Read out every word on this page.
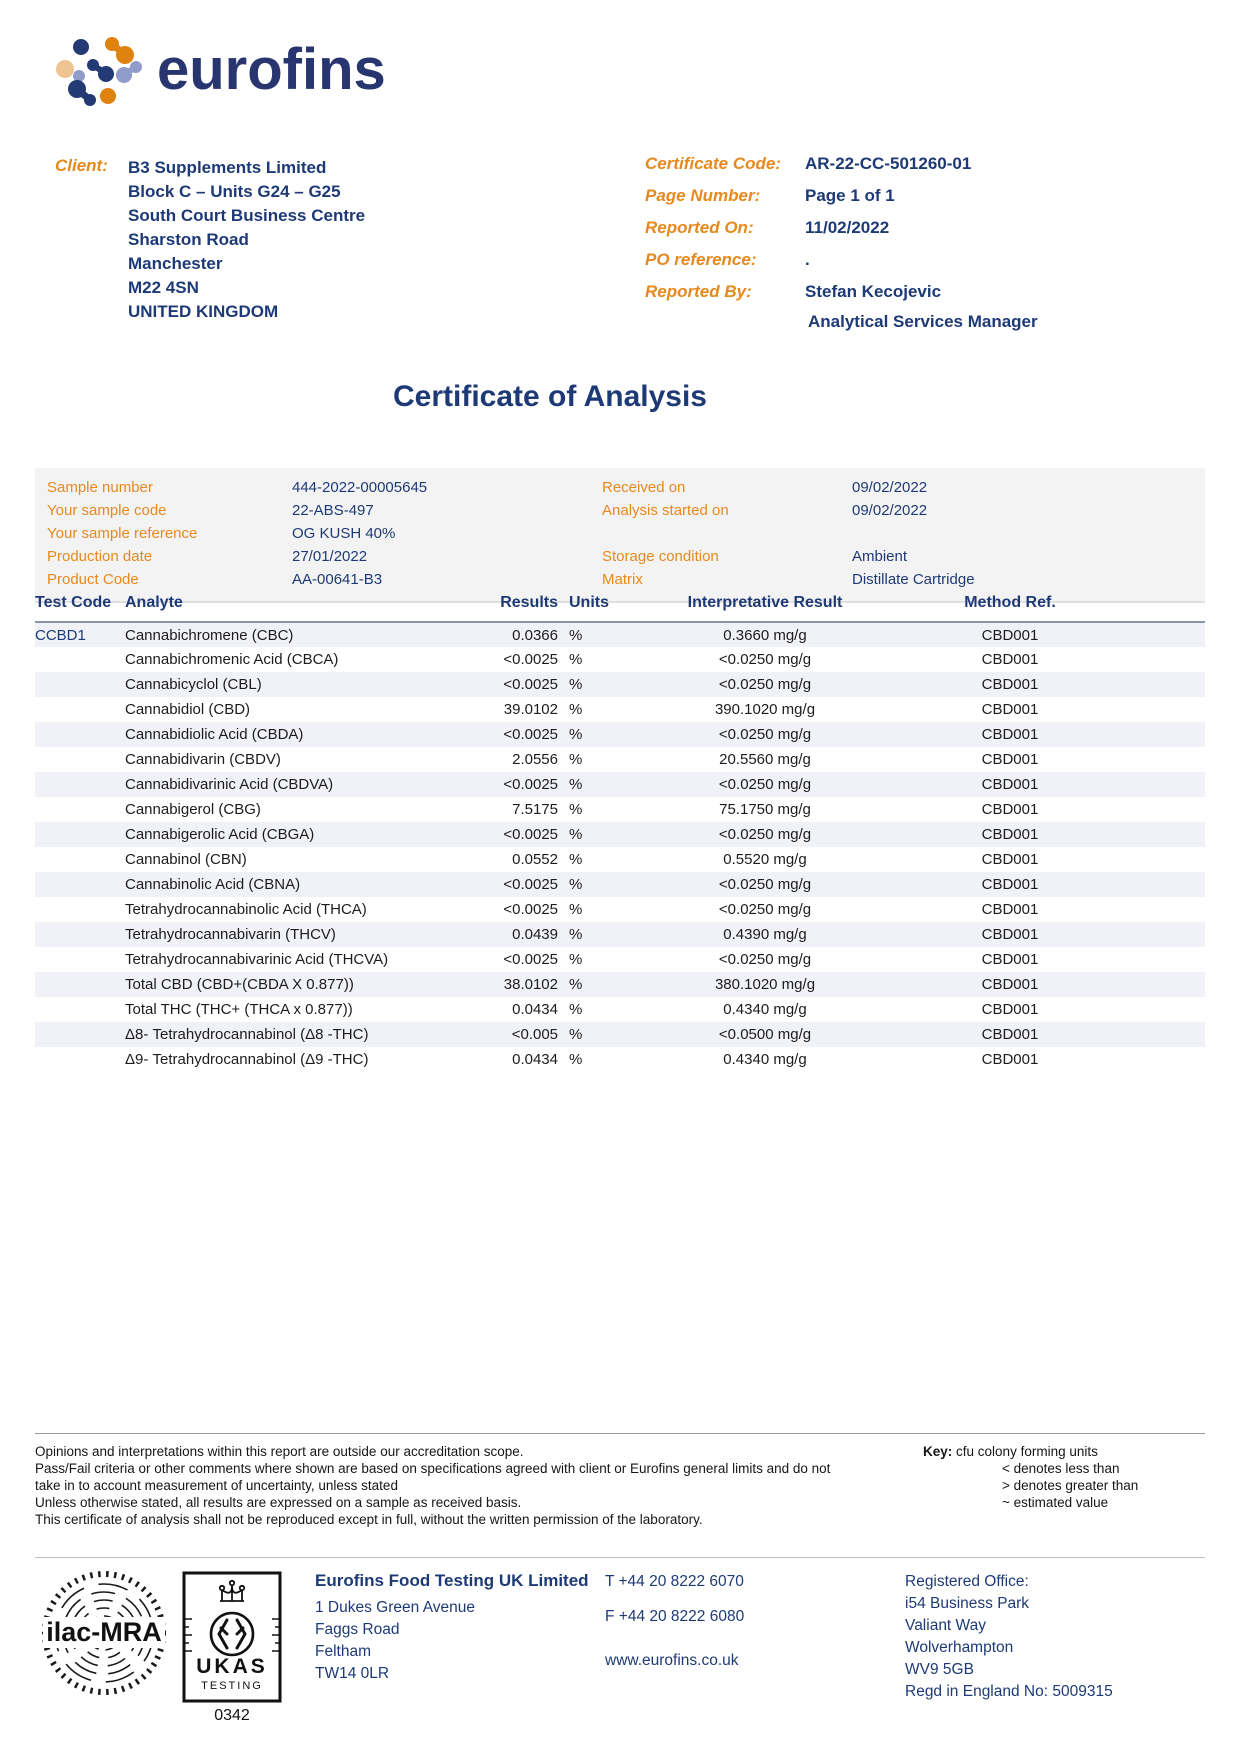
eurofins
Client:	B3 Supplements Limited
Block C – Units G24 – G25
South Court Business Centre
Sharston Road
Manchester
M22 4SN
UNITED KINGDOM
Certificate Code:	AR-22-CC-501260-01
Page Number:	Page 1 of 1
Reported On:	11/02/2022
PO reference:	.
Reported By:	Stefan Kecojevic
Analytical Services Manager
Certificate of Analysis
Sample number	444-2022-00005645	Received on	09/02/2022
Your sample code	22-ABS-497	Analysis started on	09/02/2022
Your sample reference	OG KUSH 40%
Production date	27/01/2022	Storage condition	Ambient
Product Code	AA-00641-B3	Matrix	Distillate Cartridge
Test Code	Analyte	Results	Units	Interpretative Result	Method Ref.	
CCBD1	Cannabichromene (CBC)	0.0366	%	0.3660 mg/g	CBD001	
	Cannabichromenic Acid (CBCA)	<0.0025	%	<0.0250 mg/g	CBD001	
	Cannabicyclol (CBL)	<0.0025	%	<0.0250 mg/g	CBD001	
	Cannabidiol (CBD)	39.0102	%	390.1020 mg/g	CBD001	
	Cannabidiolic Acid (CBDA)	<0.0025	%	<0.0250 mg/g	CBD001	
	Cannabidivarin (CBDV)	2.0556	%	20.5560 mg/g	CBD001	
	Cannabidivarinic Acid (CBDVA)	<0.0025	%	<0.0250 mg/g	CBD001	
	Cannabigerol (CBG)	7.5175	%	75.1750 mg/g	CBD001	
	Cannabigerolic Acid (CBGA)	<0.0025	%	<0.0250 mg/g	CBD001	
	Cannabinol (CBN)	0.0552	%	0.5520 mg/g	CBD001	
	Cannabinolic Acid (CBNA)	<0.0025	%	<0.0250 mg/g	CBD001	
	Tetrahydrocannabinolic Acid (THCA)	<0.0025	%	<0.0250 mg/g	CBD001	
	Tetrahydrocannabivarin (THCV)	0.0439	%	0.4390 mg/g	CBD001	
	Tetrahydrocannabivarinic Acid (THCVA)	<0.0025	%	<0.0250 mg/g	CBD001	
	Total CBD (CBD+(CBDA X 0.877))	38.0102	%	380.1020 mg/g	CBD001	
	Total THC (THC+ (THCA x 0.877))	0.0434	%	0.4340 mg/g	CBD001	
	Δ8- Tetrahydrocannabinol (Δ8 -THC)	<0.005	%	<0.0500 mg/g	CBD001	
	Δ9- Tetrahydrocannabinol (Δ9 -THC)	0.0434	%	0.4340 mg/g	CBD001	
Opinions and interpretations within this report are outside our accreditation scope.
Pass/Fail criteria or other comments where shown are based on specifications agreed with client or Eurofins general limits and do not
take in to account measurement of uncertainty, unless stated
Unless otherwise stated, all results are expressed on a sample as received basis.
This certificate of analysis shall not be reproduced except in full, without the written permission of the laboratory.
Key: cfu colony forming units
< denotes less than
> denotes greater than
~ estimated value
ilac-MRA
UKAS
TESTING
0342
Eurofins Food Testing UK Limited
1 Dukes Green Avenue
Faggs Road
Feltham
TW14 0LR
T +44 20 8222 6070
F +44 20 8222 6080
www.eurofins.co.uk
Registered Office:
i54 Business Park
Valiant Way
Wolverhampton
WV9 5GB
Regd in England No: 5009315
